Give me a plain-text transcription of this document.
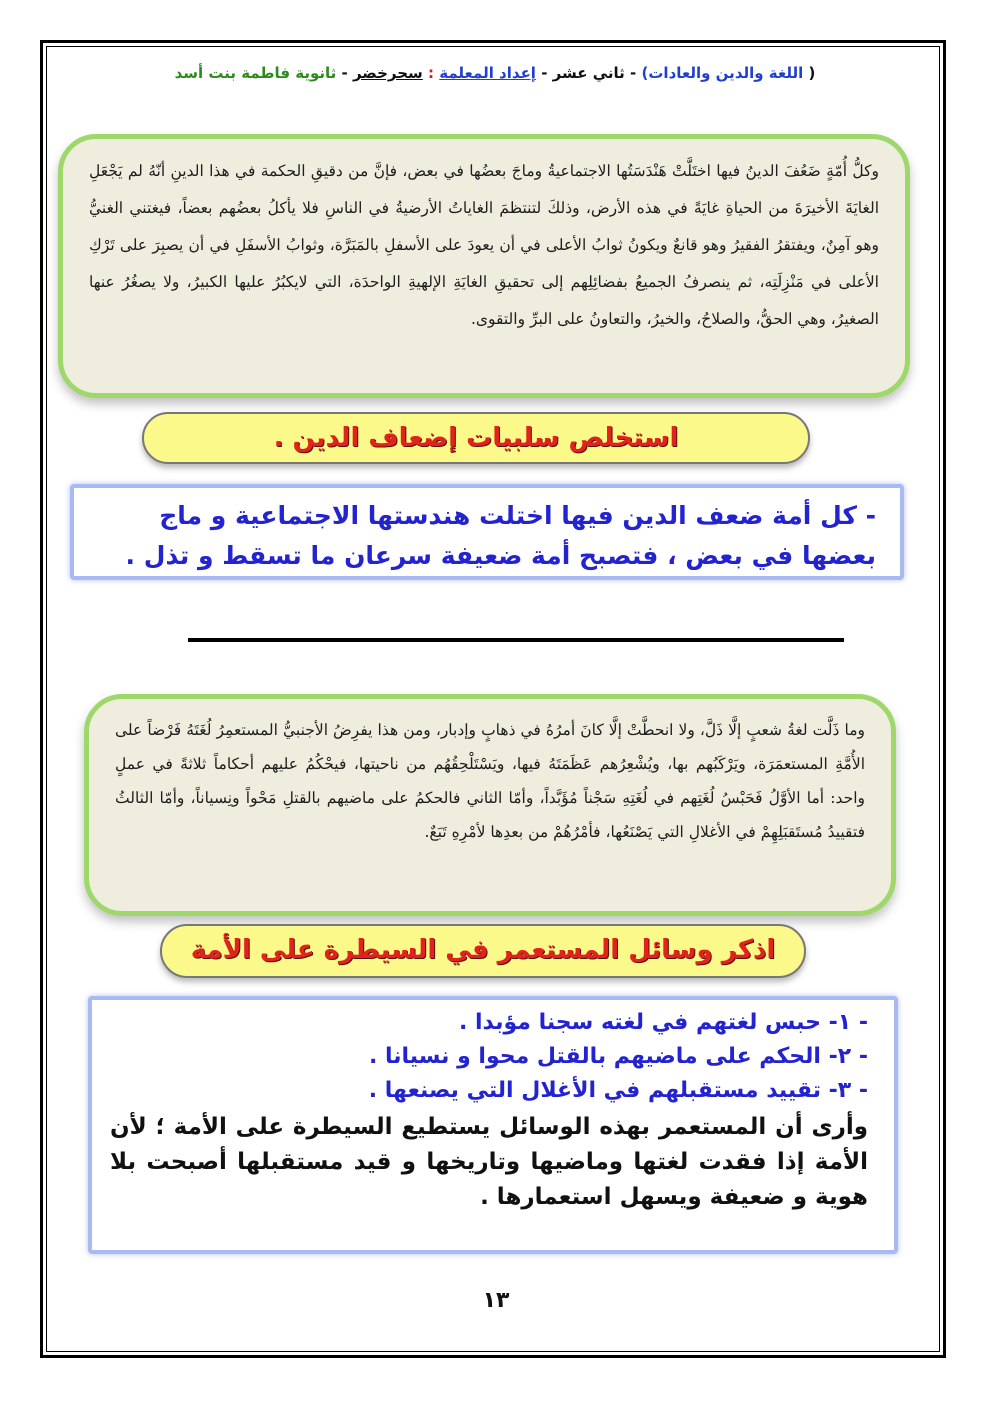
( اللغة والدين والعادات) - ثاني عشر - إعداد المعلمة : سحرخضر - ثانوية فاطمة بنت أسد

وكلُّ أُمّةٍ ضَعُفَ الدينُ فيها اختَلَّتْ هَنْدَسَتُها الاجتماعيةُ وماجَ بعضُها في بعض، فإنَّ من دقيقِ الحكمة في هذا الدينِ أنّهُ لم يَجْعَلِ الغايَةَ الأخيرَةَ من الحياةِ غايَةً في هذه الأرض، وذلكَ لتنتظمَ الغاياتُ الأرضيةُ في الناسِ فلا يأكلُ بعضُهم بعضاً، فيغتني الغنيُّ وهو آمِنٌ، ويفتقرُ الفقيرُ وهو قانعٌ ويكونُ ثوابُ الأعلى في أن يعودَ على الأسفلِ بالمَبَرَّة، وثوابُ الأسفَلِ في أن يصبِرَ على تَرْكِ الأعلى في مَنْزِلَتِه، ثم ينصرفُ الجميعُ بفضائِلِهم إلى تحقيقِ الغايَةِ الإلهيةِ الواحدَة، التي لايكبُرُ عليها الكبيرُ، ولا يصغُرُ عنها الصغيرُ، وهي الحقُّ، والصلاحُ، والخيرُ، والتعاونُ على البرِّ والتقوى.

استخلص سلبيات إضعاف الدين .
- كل أمة ضعف الدين فيها اختلت هندستها الاجتماعية و ماج
بعضها في بعض ، فتصبح أمة ضعيفة سرعان ما تسقط و تذل .

وما ذَلَّت لغةُ شعبٍ إلَّا ذَلَّ، ولا انحطَّتْ إلَّا كانَ أمرُهُ في ذهابٍ وإدبار، ومن هذا يفرِضُ الأجنبيُّ المستعمِرُ لُغَتَهُ فَرْضاً على الأُمَّةِ المستعمَرَة، ويَرْكَبُهم بها، ويُشْعِرُهم عَظَمَتَهُ فيها، ويَسْتَلْحِقُهُم من ناحيتها، فيحْكُمُ عليهم أحكاماً ثلاثةً في عملٍ واحد: أما الأوَّلُ فَحَبْسُ لُغَتِهم في لُغَتِهِ سَجْناً مُؤَبَّداً، وأمّا الثاني فالحكمُ على ماضيهم بالقتلِ مَحْواً ونِسياناً، وأمّا الثالثُ فتقييدُ مُستَقبَلِهِمْ في الأغلالِ التي يَصْنَعُها، فأمْرُهُمْ من بعدِها لأمْرِهِ تَبَعٌ.

اذكر وسائل المستعمر في السيطرة على الأمة
- ١- حبس لغتهم في لغته سجنا مؤبدا .
- ٢- الحكم على ماضيهم بالقتل محوا و نسيانا .
- ٣- تقييد مستقبلهم في الأغلال التي يصنعها .
وأرى أن المستعمر بهذه الوسائل يستطيع السيطرة على الأمة ؛ لأن الأمة إذا فقدت لغتها وماضيها وتاريخها و قيد مستقبلها أصبحت بلا هوية و ضعيفة ويسهل استعمارها .
١٣
